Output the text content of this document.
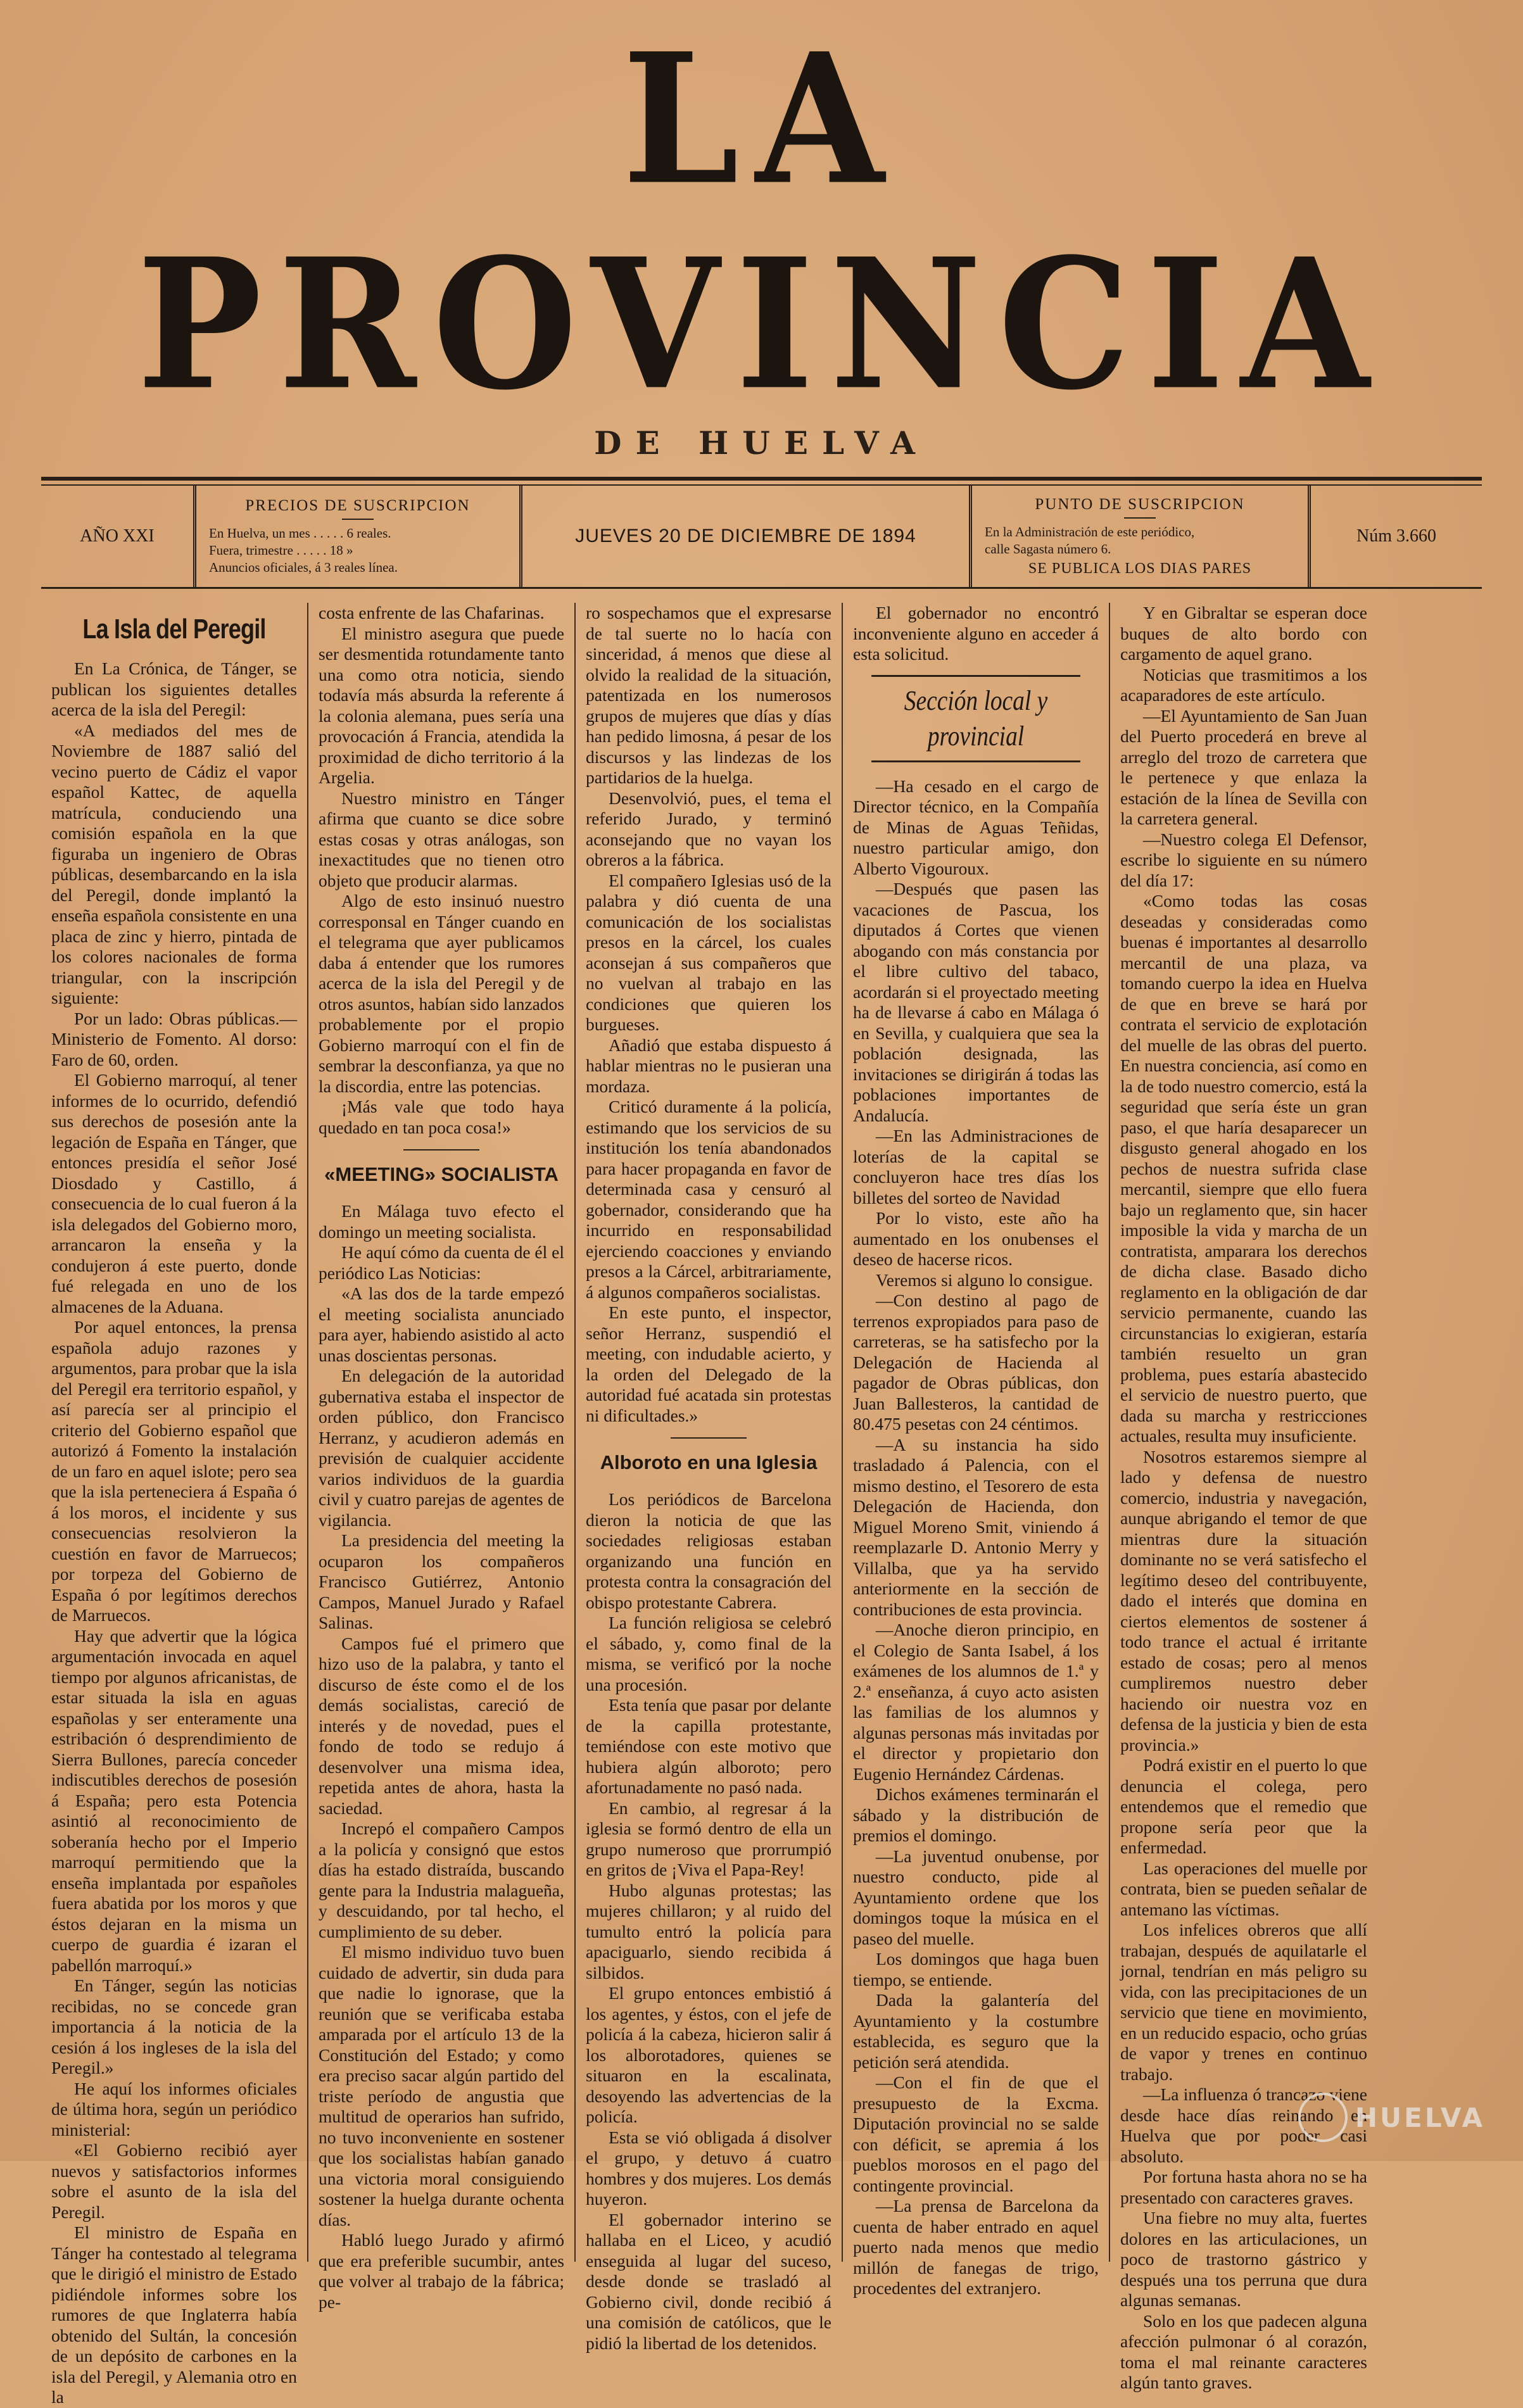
LA PROVINCIA
DE HUELVA
AÑO XXI
PRECIOS DE SUSCRIPCION
En Huelva, un mes . . . . . 6 reales.
Fuera, trimestre . . . . . 18 »
Anuncios oficiales, á 3 reales línea.
JUEVES 20 DE DICIEMBRE DE 1894
PUNTO DE SUSCRIPCION
En la Administración de este periódico,
calle Sagasta número 6.
SE PUBLICA LOS DIAS PARES
Núm 3.660
La Isla del Peregil

En La Crónica, de Tánger, se publican los siguientes detalles acerca de la isla del Peregil:

«A mediados del mes de Noviembre de 1887 salió del vecino puerto de Cádiz el vapor español Kattec, de aquella matrícula, conduciendo una comisión española en la que figuraba un ingeniero de Obras públicas, desembarcando en la isla del Peregil, donde implantó la enseña española consistente en una placa de zinc y hierro, pintada de los colores nacionales de forma triangular, con la inscripción siguiente:

Por un lado: Obras públicas.—Ministerio de Fomento. Al dorso: Faro de 60, orden.

El Gobierno marroquí, al tener informes de lo ocurrido, defendió sus derechos de posesión ante la legación de España en Tánger, que entonces presidía el señor José Diosdado y Castillo, á consecuencia de lo cual fueron á la isla delegados del Gobierno moro, arrancaron la enseña y la condujeron á este puerto, donde fué relegada en uno de los almacenes de la Aduana.

Por aquel entonces, la prensa española adujo razones y argumentos, para probar que la isla del Peregil era territorio español, y así parecía ser al principio el criterio del Gobierno español que autorizó á Fomento la instalación de un faro en aquel islote; pero sea que la isla perteneciera á España ó á los moros, el incidente y sus consecuencias resolvieron la cuestión en favor de Marruecos; por torpeza del Gobierno de España ó por legítimos derechos de Marruecos.

Hay que advertir que la lógica argumentación invocada en aquel tiempo por algunos africanistas, de estar situada la isla en aguas españolas y ser enteramente una estribación ó desprendimiento de Sierra Bullones, parecía conceder indiscutibles derechos de posesión á España; pero esta Potencia asintió al reconocimiento de soberanía hecho por el Imperio marroquí permitiendo que la enseña implantada por españoles fuera abatida por los moros y que éstos dejaran en la misma un cuerpo de guardia é izaran el pabellón marroquí.»

En Tánger, según las noticias recibidas, no se concede gran importancia á la noticia de la cesión á los ingleses de la isla del Peregil.»

He aquí los informes oficiales de última hora, según un periódico ministerial:

«El Gobierno recibió ayer nuevos y satisfactorios informes sobre el asunto de la isla del Peregil.

El ministro de España en Tánger ha contestado al telegrama que le dirigió el ministro de Estado pidiéndole informes sobre los rumores de que Inglaterra había obtenido del Sultán, la concesión de un depósito de carbones en la isla del Peregil, y Alemania otro en la

costa enfrente de las Chafarinas.

El ministro asegura que puede ser desmentida rotundamente tanto una como otra noticia, siendo todavía más absurda la referente á la colonia alemana, pues sería una provocación á Francia, atendida la proximidad de dicho territorio á la Argelia.

Nuestro ministro en Tánger afirma que cuanto se dice sobre estas cosas y otras análogas, son inexactitudes que no tienen otro objeto que producir alarmas.

Algo de esto insinuó nuestro corresponsal en Tánger cuando en el telegrama que ayer publicamos daba á entender que los rumores acerca de la isla del Peregil y de otros asuntos, habían sido lanzados probablemente por el propio Gobierno marroquí con el fin de sembrar la desconfianza, ya que no la discordia, entre las potencias.

¡Más vale que todo haya quedado en tan poca cosa!»

«MEETING» SOCIALISTA

En Málaga tuvo efecto el domingo un meeting socialista.

He aquí cómo da cuenta de él el periódico Las Noticias:

«A las dos de la tarde empezó el meeting socialista anunciado para ayer, habiendo asistido al acto unas doscientas personas.

En delegación de la autoridad gubernativa estaba el inspector de orden público, don Francisco Herranz, y acudieron además en previsión de cualquier accidente varios individuos de la guardia civil y cuatro parejas de agentes de vigilancia.

La presidencia del meeting la ocuparon los compañeros Francisco Gutiérrez, Antonio Campos, Manuel Jurado y Rafael Salinas.

Campos fué el primero que hizo uso de la palabra, y tanto el discurso de éste como el de los demás socialistas, careció de interés y de novedad, pues el fondo de todo se redujo á desenvolver una misma idea, repetida antes de ahora, hasta la saciedad.

Increpó el compañero Campos a la policía y consignó que estos días ha estado distraída, buscando gente para la Industria malagueña, y descuidando, por tal hecho, el cumplimiento de su deber.

El mismo individuo tuvo buen cuidado de advertir, sin duda para que nadie lo ignorase, que la reunión que se verificaba estaba amparada por el artículo 13 de la Constitución del Estado; y como era preciso sacar algún partido del triste período de angustia que multitud de operarios han sufrido, no tuvo inconveniente en sostener que los socialistas habían ganado una victoria moral consiguiendo sostener la huelga durante ochenta días.

Habló luego Jurado y afirmó que era preferible sucumbir, antes que volver al trabajo de la fábrica; pe-

ro sospechamos que el expresarse de tal suerte no lo hacía con sinceridad, á menos que diese al olvido la realidad de la situación, patentizada en los numerosos grupos de mujeres que días y días han pedido limosna, á pesar de los discursos y las lindezas de los partidarios de la huelga.

Desenvolvió, pues, el tema el referido Jurado, y terminó aconsejando que no vayan los obreros a la fábrica.

El compañero Iglesias usó de la palabra y dió cuenta de una comunicación de los socialistas presos en la cárcel, los cuales aconsejan á sus compañeros que no vuelvan al trabajo en las condiciones que quieren los burgueses.

Añadió que estaba dispuesto á hablar mientras no le pusieran una mordaza.

Criticó duramente á la policía, estimando que los servicios de su institución los tenía abandonados para hacer propaganda en favor de determinada casa y censuró al gobernador, considerando que ha incurrido en responsabilidad ejerciendo coacciones y enviando presos a la Cárcel, arbitrariamente, á algunos compañeros socialistas.

En este punto, el inspector, señor Herranz, suspendió el meeting, con indudable acierto, y la orden del Delegado de la autoridad fué acatada sin protestas ni dificultades.»

Alboroto en una Iglesia

Los periódicos de Barcelona dieron la noticia de que las sociedades religiosas estaban organizando una función en protesta contra la consagración del obispo protestante Cabrera.

La función religiosa se celebró el sábado, y, como final de la misma, se verificó por la noche una procesión.

Esta tenía que pasar por delante de la capilla protestante, temiéndose con este motivo que hubiera algún alboroto; pero afortunadamente no pasó nada.

En cambio, al regresar á la iglesia se formó dentro de ella un grupo numeroso que prorrumpió en gritos de ¡Viva el Papa-Rey!

Hubo algunas protestas; las mujeres chillaron; y al ruido del tumulto entró la policía para apaciguarlo, siendo recibida á silbidos.

El grupo entonces embistió á los agentes, y éstos, con el jefe de policía á la cabeza, hicieron salir á los alborotadores, quienes se situaron en la escalinata, desoyendo las advertencias de la policía.

Esta se vió obligada á disolver el grupo, y detuvo á cuatro hombres y dos mujeres. Los demás huyeron.

El gobernador interino se hallaba en el Liceo, y acudió enseguida al lugar del suceso, desde donde se trasladó al Gobierno civil, donde recibió á una comisión de católicos, que le pidió la libertad de los detenidos.

El gobernador no encontró inconveniente alguno en acceder á esta solicitud.

Sección local y provincial

—Ha cesado en el cargo de Director técnico, en la Compañía de Minas de Aguas Teñidas, nuestro particular amigo, don Alberto Vigouroux.

—Después que pasen las vacaciones de Pascua, los diputados á Cortes que vienen abogando con más constancia por el libre cultivo del tabaco, acordarán si el proyectado meeting ha de llevarse á cabo en Málaga ó en Sevilla, y cualquiera que sea la población designada, las invitaciones se dirigirán á todas las poblaciones importantes de Andalucía.

—En las Administraciones de loterías de la capital se concluyeron hace tres días los billetes del sorteo de Navidad

Por lo visto, este año ha aumentado en los onubenses el deseo de hacerse ricos.

Veremos si alguno lo consigue.

—Con destino al pago de terrenos expropiados para paso de carreteras, se ha satisfecho por la Delegación de Hacienda al pagador de Obras públicas, don Juan Ballesteros, la cantidad de 80.475 pesetas con 24 céntimos.

—A su instancia ha sido trasladado á Palencia, con el mismo destino, el Tesorero de esta Delegación de Hacienda, don Miguel Moreno Smit, viniendo á reemplazarle D. Antonio Merry y Villalba, que ya ha servido anteriormente en la sección de contribuciones de esta provincia.

—Anoche dieron principio, en el Colegio de Santa Isabel, á los exámenes de los alumnos de 1.ª y 2.ª enseñanza, á cuyo acto asisten las familias de los alumnos y algunas personas más invitadas por el director y propietario don Eugenio Hernández Cárdenas.

Dichos exámenes terminarán el sábado y la distribución de premios el domingo.

—La juventud onubense, por nuestro conducto, pide al Ayuntamiento ordene que los domingos toque la música en el paseo del muelle.

Los domingos que haga buen tiempo, se entiende.

Dada la galantería del Ayuntamiento y la costumbre establecida, es seguro que la petición será atendida.

—Con el fin de que el presupuesto de la Excma. Diputación provincial no se salde con déficit, se apremia á los pueblos morosos en el pago del contingente provincial.

—La prensa de Barcelona da cuenta de haber entrado en aquel puerto nada menos que medio millón de fanegas de trigo, procedentes del extranjero.

Y en Gibraltar se esperan doce buques de alto bordo con cargamento de aquel grano.

Noticias que trasmitimos a los acaparadores de este artículo.

—El Ayuntamiento de San Juan del Puerto procederá en breve al arreglo del trozo de carretera que le pertenece y que enlaza la estación de la línea de Sevilla con la carretera general.

—Nuestro colega El Defensor, escribe lo siguiente en su número del día 17:

«Como todas las cosas deseadas y consideradas como buenas é importantes al desarrollo mercantil de una plaza, va tomando cuerpo la idea en Huelva de que en breve se hará por contrata el servicio de explotación del muelle de las obras del puerto. En nuestra conciencia, así como en la de todo nuestro comercio, está la seguridad que sería éste un gran paso, el que haría desaparecer un disgusto general ahogado en los pechos de nuestra sufrida clase mercantil, siempre que ello fuera bajo un reglamento que, sin hacer imposible la vida y marcha de un contratista, amparara los derechos de dicha clase. Basado dicho reglamento en la obligación de dar servicio permanente, cuando las circunstancias lo exigieran, estaría también resuelto un gran problema, pues estaría abastecido el servicio de nuestro puerto, que dada su marcha y restricciones actuales, resulta muy insuficiente.

Nosotros estaremos siempre al lado y defensa de nuestro comercio, industria y navegación, aunque abrigando el temor de que mientras dure la situación dominante no se verá satisfecho el legítimo deseo del contribuyente, dado el interés que domina en ciertos elementos de sostener á todo trance el actual é irritante estado de cosas; pero al menos cumpliremos nuestro deber haciendo oir nuestra voz en defensa de la justicia y bien de esta provincia.»

Podrá existir en el puerto lo que denuncia el colega, pero entendemos que el remedio que propone sería peor que la enfermedad.

Las operaciones del muelle por contrata, bien se pueden señalar de antemano las víctimas.

Los infelices obreros que allí trabajan, después de aquilatarle el jornal, tendrían en más peligro su vida, con las precipitaciones de un servicio que tiene en movimiento, en un reducido espacio, ocho grúas de vapor y trenes en continuo trabajo.

—La influenza ó trancazo viene desde hace días reinando en Huelva que por poder casi absoluto.

Por fortuna hasta ahora no se ha presentado con caracteres graves.

Una fiebre no muy alta, fuertes dolores en las articulaciones, un poco de trastorno gástrico y después una tos perruna que dura algunas semanas.

Solo en los que padecen alguna afección pulmonar ó al corazón, toma el mal reinante caracteres algún tanto graves.

HUELVA
